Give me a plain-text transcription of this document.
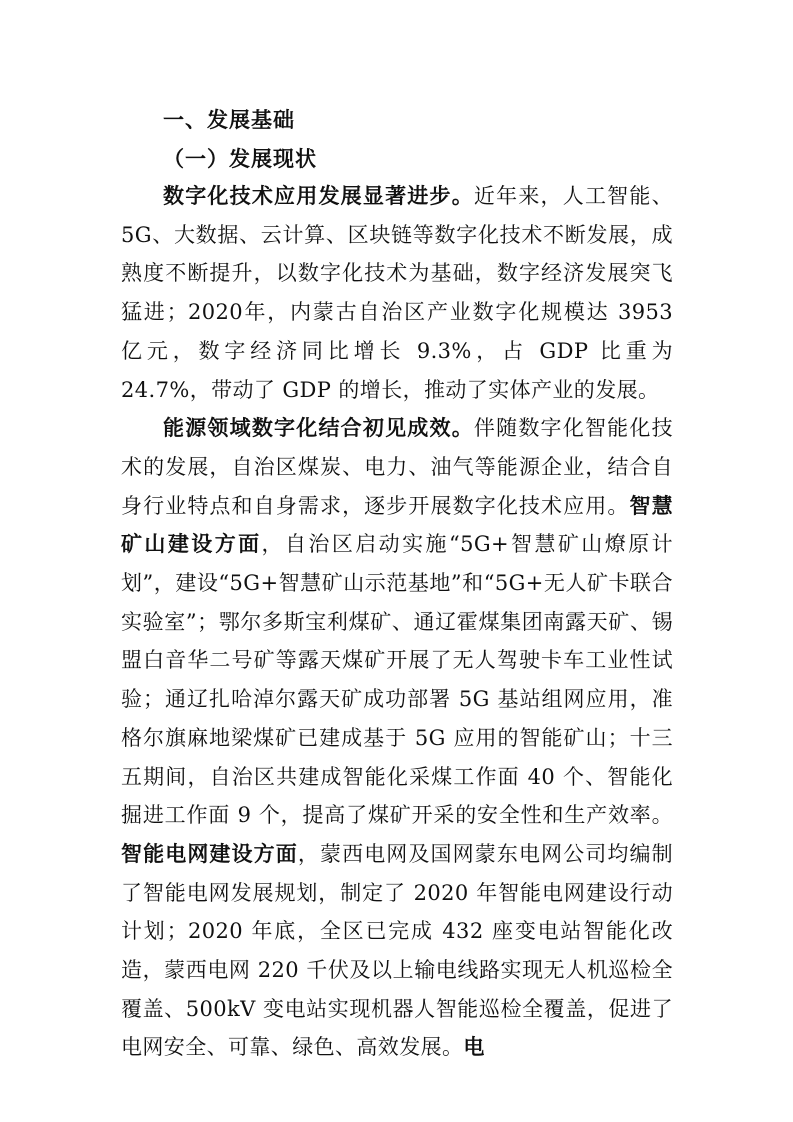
一、发展基础
（一）发展现状

数字化技术应用发展显著进步。近年来，人工智能、5G、大数据、云计算、区块链等数字化技术不断发展，成熟度不断提升，以数字化技术为基础，数字经济发展突飞猛进；2020年，内蒙古自治区产业数字化规模达 3953 亿元，数字经济同比增长 9.3%，占 GDP 比重为 24.7%，带动了 GDP 的增长，推动了实体产业的发展。

能源领域数字化结合初见成效。伴随数字化智能化技术的发展，自治区煤炭、电力、油气等能源企业，结合自身行业特点和自身需求，逐步开展数字化技术应用。智慧矿山建设方面，自治区启动实施“5G+智慧矿山燎原计划”，建设“5G+智慧矿山示范基地”和“5G+无人矿卡联合实验室”；鄂尔多斯宝利煤矿、通辽霍煤集团南露天矿、锡盟白音华二号矿等露天煤矿开展了无人驾驶卡车工业性试验；通辽扎哈淖尔露天矿成功部署 5G 基站组网应用，准格尔旗麻地梁煤矿已建成基于 5G 应用的智能矿山；十三五期间，自治区共建成智能化采煤工作面 40 个、智能化掘进工作面 9 个，提高了煤矿开采的安全性和生产效率。智能电网建设方面，蒙西电网及国网蒙东电网公司均编制了智能电网发展规划，制定了 2020 年智能电网建设行动计划；2020 年底，全区已完成 432 座变电站智能化改造，蒙西电网 220 千伏及以上输电线路实现无人机巡检全覆盖、500kV 变电站实现机器人智能巡检全覆盖，促进了电网安全、可靠、绿色、高效发展。电
